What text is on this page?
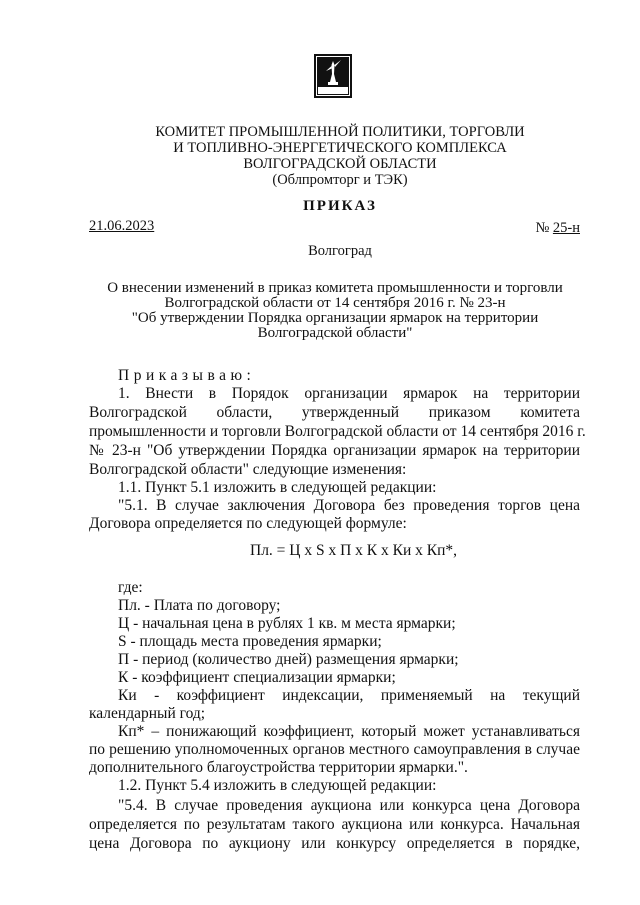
КОМИТЕТ ПРОМЫШЛЕННОЙ ПОЛИТИКИ, ТОРГОВЛИ
И ТОПЛИВНО-ЭНЕРГЕТИЧЕСКОГО КОМПЛЕКСА
ВОЛГОГРАДСКОЙ ОБЛАСТИ
(Облпромторг и ТЭК)
ПРИКАЗ
21.06.2023	№ 25-н
Волгоград
О внесении изменений в приказ комитета промышленности и торговли
Волгоградской области от 14 сентября 2016 г. № 23-н
"Об утверждении Порядка организации ярмарок на территории
Волгоградской области"
Приказываю:
1. Внести в Порядок организации ярмарок на территории
Волгоградской области, утвержденный приказом комитета
промышленности и торговли Волгоградской области от 14 сентября 2016 г.
№ 23-н "Об утверждении Порядка организации ярмарок на территории
Волгоградской области" следующие изменения:
1.1. Пункт 5.1 изложить в следующей редакции:
"5.1. В случае заключения Договора без проведения торгов цена
Договора определяется по следующей формуле:
Пл. = Ц x S x П x К x Ки x Кп*,
где:
Пл. - Плата по договору;
Ц - начальная цена в рублях 1 кв. м места ярмарки;
S - площадь места проведения ярмарки;
П - период (количество дней) размещения ярмарки;
К - коэффициент специализации ярмарки;
Ки - коэффициент индексации, применяемый на текущий
календарный год;
Кп* – понижающий коэффициент, который может устанавливаться
по решению уполномоченных органов местного самоуправления в случае
дополнительного благоустройства территории ярмарки.".
1.2. Пункт 5.4 изложить в следующей редакции:
"5.4. В случае проведения аукциона или конкурса цена Договора
определяется по результатам такого аукциона или конкурса. Начальная
цена Договора по аукциону или конкурсу определяется в порядке,
